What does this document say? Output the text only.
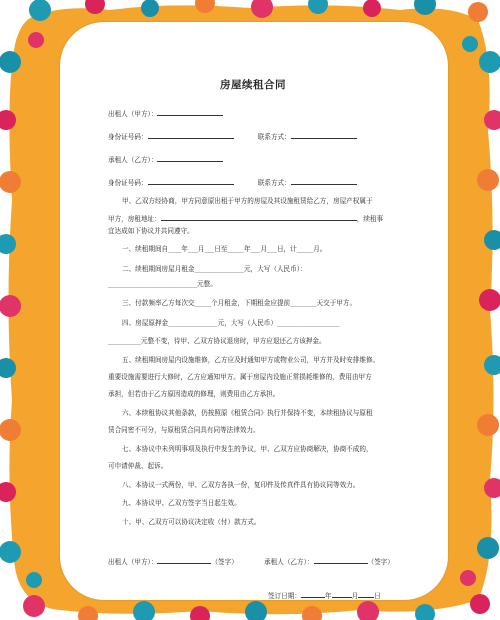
房屋续租合同
出租人（甲方）：
身份证号码：	联系方式：
承租人（乙方）：
身份证号码：	联系方式：
甲、乙双方经协商，甲方同意原出租于甲方的房屋及其设施租赁给乙方，房屋产权属于
甲方，房租地址：	，续租事
宜达成如下协议并共同遵守。
一、续租期间自____年___月___日至_____年___月___日，计_____月。
二、续租期间房屋月租金_______________元，大写（人民币）：
___________________________元整。
三、付款频率乙方每次交_____个月租金，下期租金应提前________天交于甲方。
四、房屋原押金_______________元，大写（人民币）___________________
__________元整不变，待甲、乙双方协议退房时，甲方应退还乙方该押金。
五、续租期间房屋内设施维修，乙方应及时通知甲方或物业公司，甲方并及时安排维修。
重要设施需要进行大修时，乙方应通知甲方。属于房屋内设施正常损耗维修的，费用由甲方
承担，但若由于乙方原因造成的修理，则费用由乙方承担。
六、本续租协议其他条款，仍按照原《租赁合同》执行并保持不变，本续租协议与原租
赁合同密不可分，与原租赁合同具有同等法律效力。
七、本协议中未列明事项及执行中发生的争议，甲、乙双方应协商解决，协商不成的，
可申请仲裁、起诉。
八、本协议一式两份，甲、乙双方各执一份，复印件及传真件具有协议同等效力。
九、本协议甲、乙双方签字当日起生效。
十、甲、乙双方可以协议决定收（付）款方式。
出租人（甲方）：	（签字）	承租人（乙方）：	（签字）
签订日期：	年	月 日
